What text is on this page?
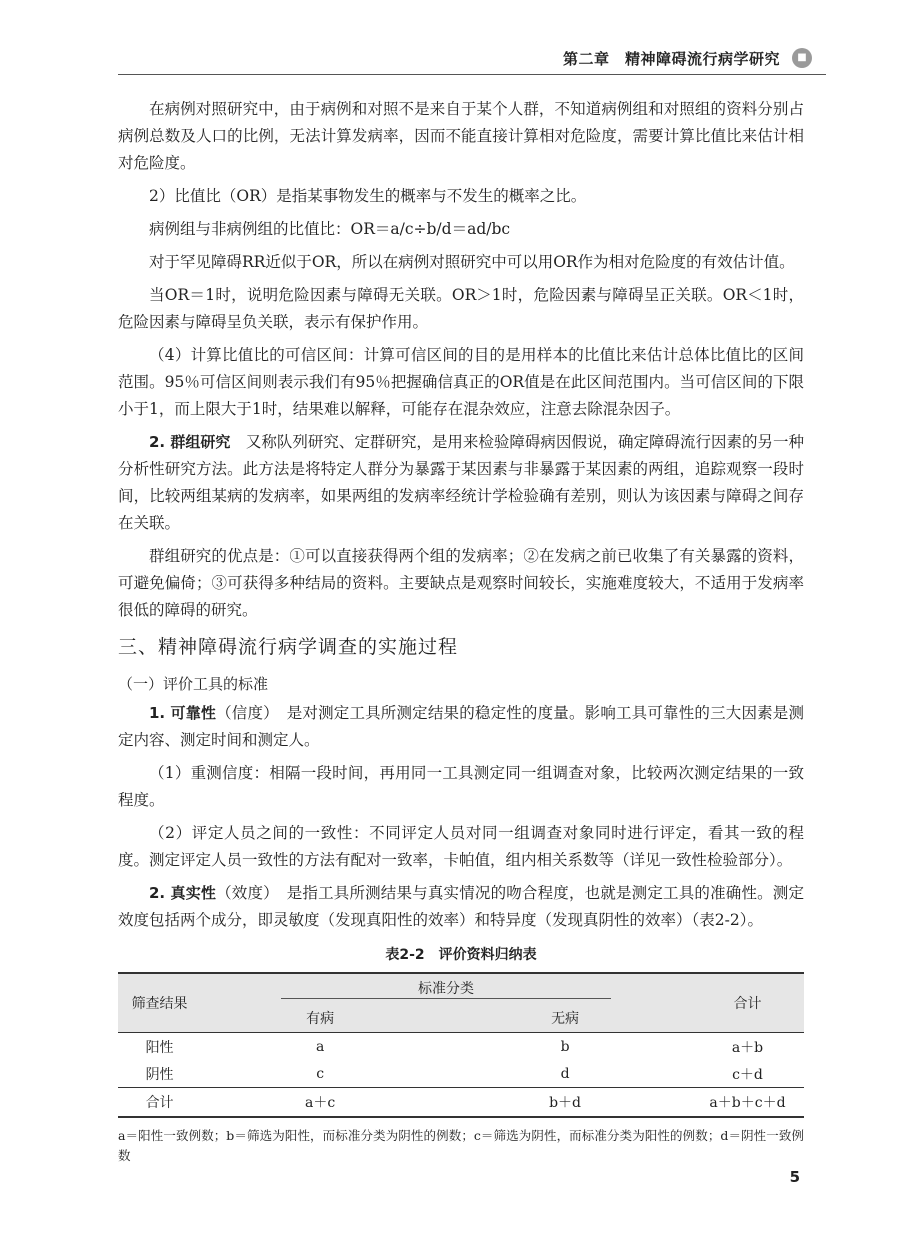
第二章　精神障碍流行病学研究	■

在病例对照研究中，由于病例和对照不是来自于某个人群，不知道病例组和对照组的资料分别占病例总数及人口的比例，无法计算发病率，因而不能直接计算相对危险度，需要计算比值比来估计相对危险度。

2）比值比（OR）是指某事物发生的概率与不发生的概率之比。

病例组与非病例组的比值比：OR＝a/c÷b/d＝ad/bc

对于罕见障碍RR近似于OR，所以在病例对照研究中可以用OR作为相对危险度的有效估计值。

当OR＝1时，说明危险因素与障碍无关联。OR＞1时，危险因素与障碍呈正关联。OR＜1时，危险因素与障碍呈负关联，表示有保护作用。

（4）计算比值比的可信区间：计算可信区间的目的是用样本的比值比来估计总体比值比的区间范围。95％可信区间则表示我们有95％把握确信真正的OR值是在此区间范围内。当可信区间的下限小于1，而上限大于1时，结果难以解释，可能存在混杂效应，注意去除混杂因子。

2. 群组研究　又称队列研究、定群研究，是用来检验障碍病因假说，确定障碍流行因素的另一种分析性研究方法。此方法是将特定人群分为暴露于某因素与非暴露于某因素的两组，追踪观察一段时间，比较两组某病的发病率，如果两组的发病率经统计学检验确有差别，则认为该因素与障碍之间存在关联。

群组研究的优点是：①可以直接获得两个组的发病率；②在发病之前已收集了有关暴露的资料，可避免偏倚；③可获得多种结局的资料。主要缺点是观察时间较长，实施难度较大，不适用于发病率很低的障碍的研究。

三、精神障碍流行病学调查的实施过程
（一）评价工具的标准

1. 可靠性（信度）　是对测定工具所测定结果的稳定性的度量。影响工具可靠性的三大因素是测定内容、测定时间和测定人。

（1）重测信度：相隔一段时间，再用同一工具测定同一组调查对象，比较两次测定结果的一致程度。

（2）评定人员之间的一致性：不同评定人员对同一组调查对象同时进行评定，看其一致的程度。测定评定人员一致性的方法有配对一致率，卡帕值，组内相关系数等（详见一致性检验部分）。

2. 真实性（效度）　是指工具所测结果与真实情况的吻合程度，也就是测定工具的准确性。测定效度包括两个成分，即灵敏度（发现真阳性的效率）和特异度（发现真阴性的效率）（表2-2）。

表2-2　评价资料归纳表
筛查结果	标准分类		合计
	有病	无病	
阳性	a	b	a＋b
阴性	c	d	c＋d
合计	a＋c	b＋d	a＋b＋c＋d
a＝阳性一致例数；b＝筛选为阳性，而标准分类为阴性的例数；c＝筛选为阴性，而标准分类为阳性的例数；d＝阴性一致例数
5
